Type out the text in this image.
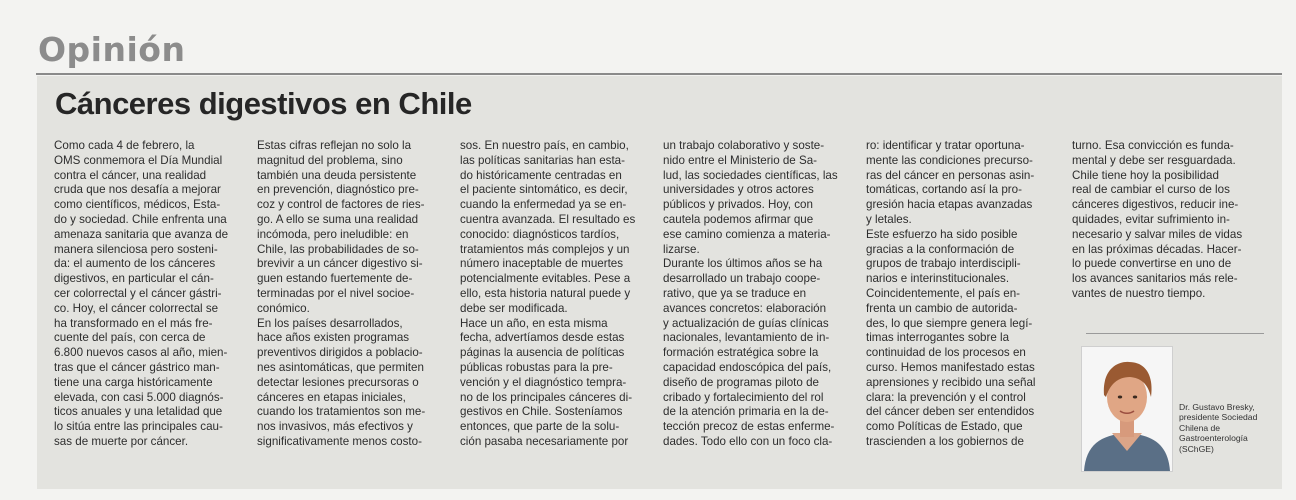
Opinión
Cánceres digestivos en Chile
Como cada 4 de febrero, la
OMS conmemora el Día Mundial
contra el cáncer, una realidad
cruda que nos desafía a mejorar
como científicos, médicos, Esta-
do y sociedad. Chile enfrenta una
amenaza sanitaria que avanza de
manera silenciosa pero sosteni-
da: el aumento de los cánceres
digestivos, en particular el cán-
cer colorrectal y el cáncer gástri-
co. Hoy, el cáncer colorrectal se
ha transformado en el más fre-
cuente del país, con cerca de
6.800 nuevos casos al año, mien-
tras que el cáncer gástrico man-
tiene una carga históricamente
elevada, con casi 5.000 diagnós-
ticos anuales y una letalidad que
lo sitúa entre las principales cau-
sas de muerte por cáncer.
Estas cifras reflejan no solo la
magnitud del problema, sino
también una deuda persistente
en prevención, diagnóstico pre-
coz y control de factores de ries-
go. A ello se suma una realidad
incómoda, pero ineludible: en
Chile, las probabilidades de so-
brevivir a un cáncer digestivo si-
guen estando fuertemente de-
terminadas por el nivel socioe-
conómico.
En los países desarrollados,
hace años existen programas
preventivos dirigidos a poblacio-
nes asintomáticas, que permiten
detectar lesiones precursoras o
cánceres en etapas iniciales,
cuando los tratamientos son me-
nos invasivos, más efectivos y
significativamente menos costo-
sos. En nuestro país, en cambio,
las políticas sanitarias han esta-
do históricamente centradas en
el paciente sintomático, es decir,
cuando la enfermedad ya se en-
cuentra avanzada. El resultado es
conocido: diagnósticos tardíos,
tratamientos más complejos y un
número inaceptable de muertes
potencialmente evitables. Pese a
ello, esta historia natural puede y
debe ser modificada.
Hace un año, en esta misma
fecha, advertíamos desde estas
páginas la ausencia de políticas
públicas robustas para la pre-
vención y el diagnóstico tempra-
no de los principales cánceres di-
gestivos en Chile. Sosteníamos
entonces, que parte de la solu-
ción pasaba necesariamente por
un trabajo colaborativo y soste-
nido entre el Ministerio de Sa-
lud, las sociedades científicas, las
universidades y otros actores
públicos y privados. Hoy, con
cautela podemos afirmar que
ese camino comienza a materia-
lizarse.
Durante los últimos años se ha
desarrollado un trabajo coope-
rativo, que ya se traduce en
avances concretos: elaboración
y actualización de guías clínicas
nacionales, levantamiento de in-
formación estratégica sobre la
capacidad endoscópica del país,
diseño de programas piloto de
cribado y fortalecimiento del rol
de la atención primaria en la de-
tección precoz de estas enferme-
dades. Todo ello con un foco cla-
ro: identificar y tratar oportuna-
mente las condiciones precurso-
ras del cáncer en personas asin-
tomáticas, cortando así la pro-
gresión hacia etapas avanzadas
y letales.
Este esfuerzo ha sido posible
gracias a la conformación de
grupos de trabajo interdiscipli-
narios e interinstitucionales.
Coincidentemente, el país en-
frenta un cambio de autorida-
des, lo que siempre genera legí-
timas interrogantes sobre la
continuidad de los procesos en
curso. Hemos manifestado estas
aprensiones y recibido una señal
clara: la prevención y el control
del cáncer deben ser entendidos
como Políticas de Estado, que
trascienden a los gobiernos de
turno. Esa convicción es funda-
mental y debe ser resguardada.
Chile tiene hoy la posibilidad
real de cambiar el curso de los
cánceres digestivos, reducir ine-
quidades, evitar sufrimiento in-
necesario y salvar miles de vidas
en las próximas décadas. Hacer-
lo puede convertirse en uno de
los avances sanitarios más rele-
vantes de nuestro tiempo.
Dr. Gustavo Bresky,
presidente Sociedad
Chilena de
Gastroenterología
(SChGE)
